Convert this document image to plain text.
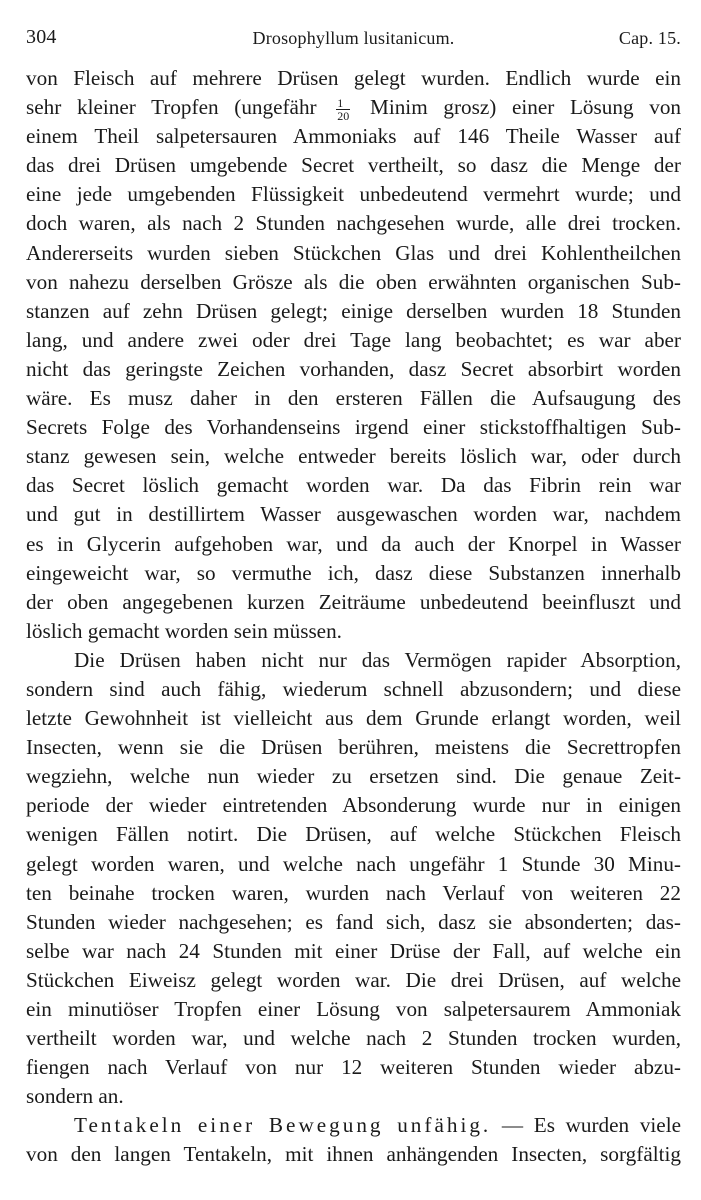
304	Drosophyllum lusitanicum.	Cap. 15.
von Fleisch auf mehrere Drüsen gelegt wurden. Endlich wurde ein
sehr kleiner Tropfen (ungefähr $\frac{1}{20}$ Minim grosz) einer Lösung von
einem Theil salpetersauren Ammoniaks auf 146 Theile Wasser auf
das drei Drüsen umgebende Secret vertheilt, so dasz die Menge der
eine jede umgebenden Flüssigkeit unbedeutend vermehrt wurde; und
doch waren, als nach 2 Stunden nachgesehen wurde, alle drei trocken.
Andererseits wurden sieben Stückchen Glas und drei Kohlentheilchen
von nahezu derselben Grösze als die oben erwähnten organischen Sub-
stanzen auf zehn Drüsen gelegt; einige derselben wurden 18 Stunden
lang, und andere zwei oder drei Tage lang beobachtet; es war aber
nicht das geringste Zeichen vorhanden, dasz Secret absorbirt worden
wäre. Es musz daher in den ersteren Fällen die Aufsaugung des
Secrets Folge des Vorhandenseins irgend einer stickstoffhaltigen Sub-
stanz gewesen sein, welche entweder bereits löslich war, oder durch
das Secret löslich gemacht worden war. Da das Fibrin rein war
und gut in destillirtem Wasser ausgewaschen worden war, nachdem
es in Glycerin aufgehoben war, und da auch der Knorpel in Wasser
eingeweicht war, so vermuthe ich, dasz diese Substanzen innerhalb
der oben angegebenen kurzen Zeiträume unbedeutend beeinfluszt und
löslich gemacht worden sein müssen.
Die Drüsen haben nicht nur das Vermögen rapider Absorption,
sondern sind auch fähig, wiederum schnell abzusondern; und diese
letzte Gewohnheit ist vielleicht aus dem Grunde erlangt worden, weil
Insecten, wenn sie die Drüsen berühren, meistens die Secrettropfen
wegziehn, welche nun wieder zu ersetzen sind. Die genaue Zeit-
periode der wieder eintretenden Absonderung wurde nur in einigen
wenigen Fällen notirt. Die Drüsen, auf welche Stückchen Fleisch
gelegt worden waren, und welche nach ungefähr 1 Stunde 30 Minu-
ten beinahe trocken waren, wurden nach Verlauf von weiteren 22
Stunden wieder nachgesehen; es fand sich, dasz sie absonderten; das-
selbe war nach 24 Stunden mit einer Drüse der Fall, auf welche ein
Stückchen Eiweisz gelegt worden war. Die drei Drüsen, auf welche
ein minutiöser Tropfen einer Lösung von salpetersaurem Ammoniak
vertheilt worden war, und welche nach 2 Stunden trocken wurden,
fiengen nach Verlauf von nur 12 weiteren Stunden wieder abzu-
sondern an.
Tentakeln einer Bewegung unfähig. — Es wurden viele
von den langen Tentakeln, mit ihnen anhängenden Insecten, sorgfältig
